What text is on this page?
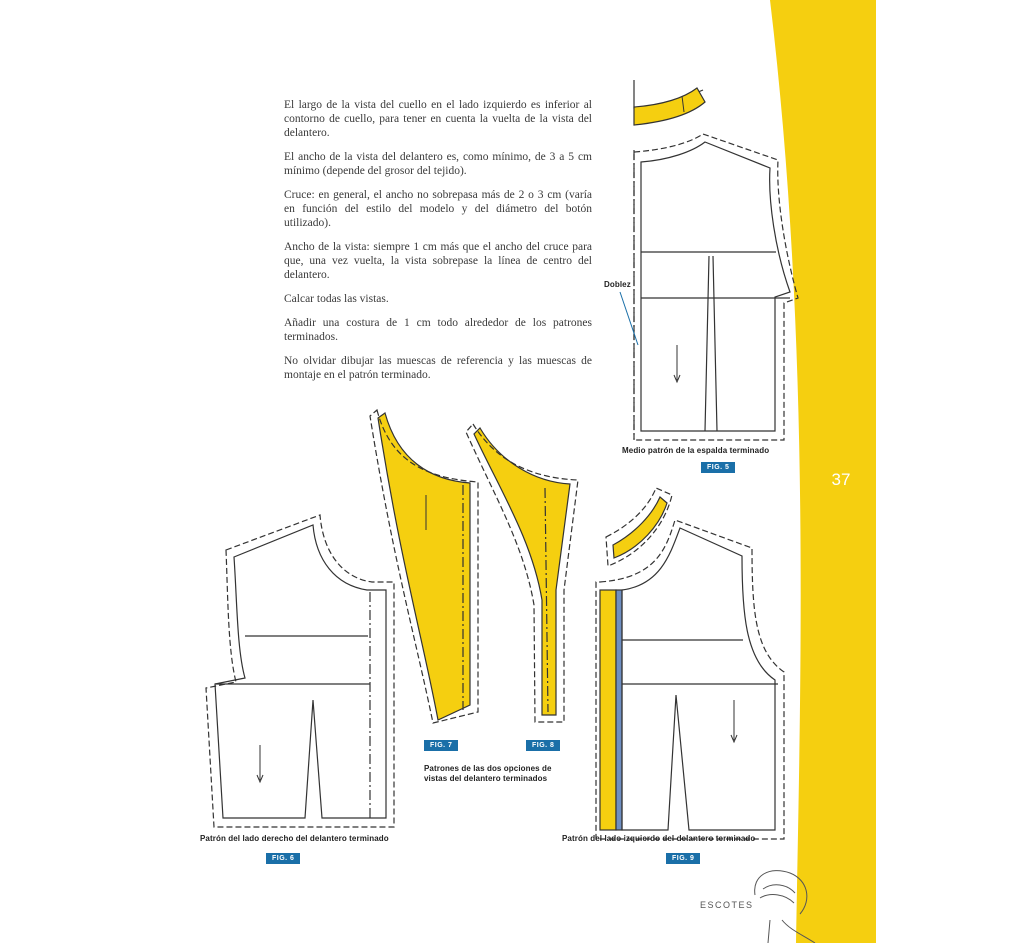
El largo de la vista del cuello en el lado izquierdo es inferior al contorno de cuello, para tener en cuenta la vuelta de la vista del delantero.

El ancho de la vista del delantero es, como mínimo, de 3 a 5 cm mínimo (depende del grosor del tejido).

Cruce: en general, el ancho no sobrepasa más de 2 o 3 cm (varía en función del estilo del modelo y del diámetro del botón utilizado).

Ancho de la vista: siempre 1 cm más que el ancho del cruce para que, una vez vuelta, la vista sobrepase la línea de centro del delantero.

Calcar todas las vistas.

Añadir una costura de 1 cm todo alrededor de los patrones terminados.

No olvidar dibujar las muescas de referencia y las muescas de montaje en el patrón terminado.

Doblez
Medio patrón de la espalda terminado
FIG. 5
FIG. 7	FIG. 8
Patrones de las dos opciones de
vistas del delantero terminados
Patrón del lado derecho del delantero terminado
FIG. 6
Patrón del lado izquierdo del delantero terminado
FIG. 9
37
ESCOTES
